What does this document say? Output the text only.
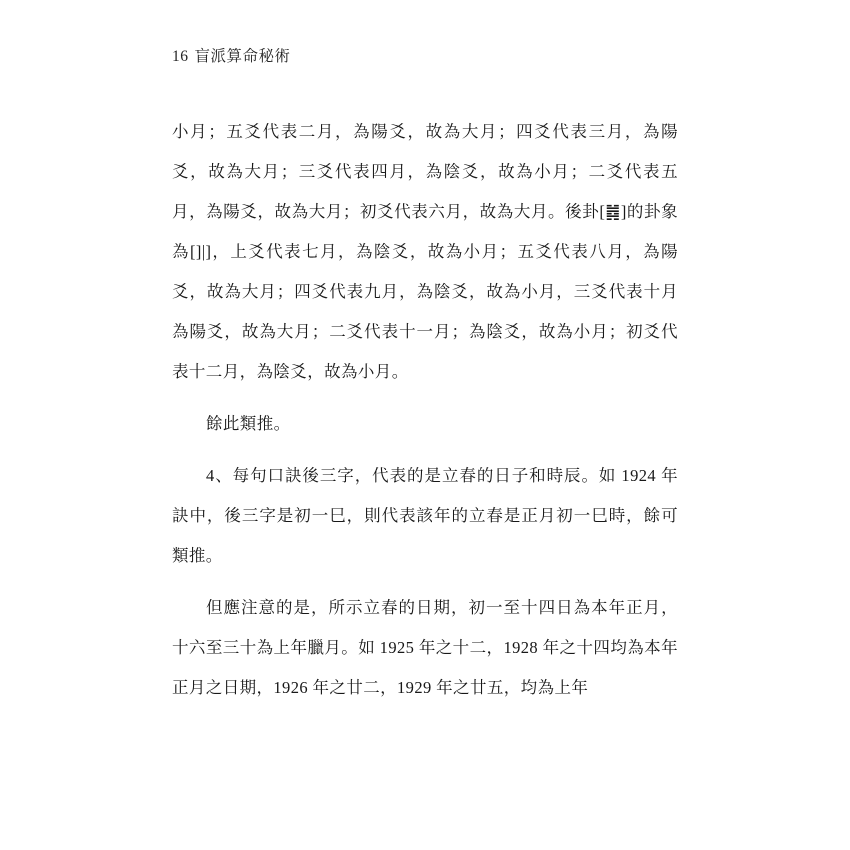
16 盲派算命秘術

小月；五爻代表二月，為陽爻，故為大月；四爻代表三月，為陽爻，故為大月；三爻代表四月，為陰爻，故為小月；二爻代表五月，為陽爻，故為大月；初爻代表六月，故為大月。後卦[䷮]的卦象為[]|]，上爻代表七月，為陰爻，故為小月；五爻代表八月，為陽爻，故為大月；四爻代表九月，為陰爻，故為小月，三爻代表十月為陽爻，故為大月；二爻代表十一月；為陰爻，故為小月；初爻代表十二月，為陰爻，故為小月。

餘此類推。

4、每句口訣後三字，代表的是立春的日子和時辰。如 1924 年訣中，後三字是初一巳，則代表該年的立春是正月初一巳時，餘可類推。

但應注意的是，所示立春的日期，初一至十四日為本年正月，十六至三十為上年臘月。如 1925 年之十二，1928 年之十四均為本年正月之日期，1926 年之廿二，1929 年之廿五，均為上年
